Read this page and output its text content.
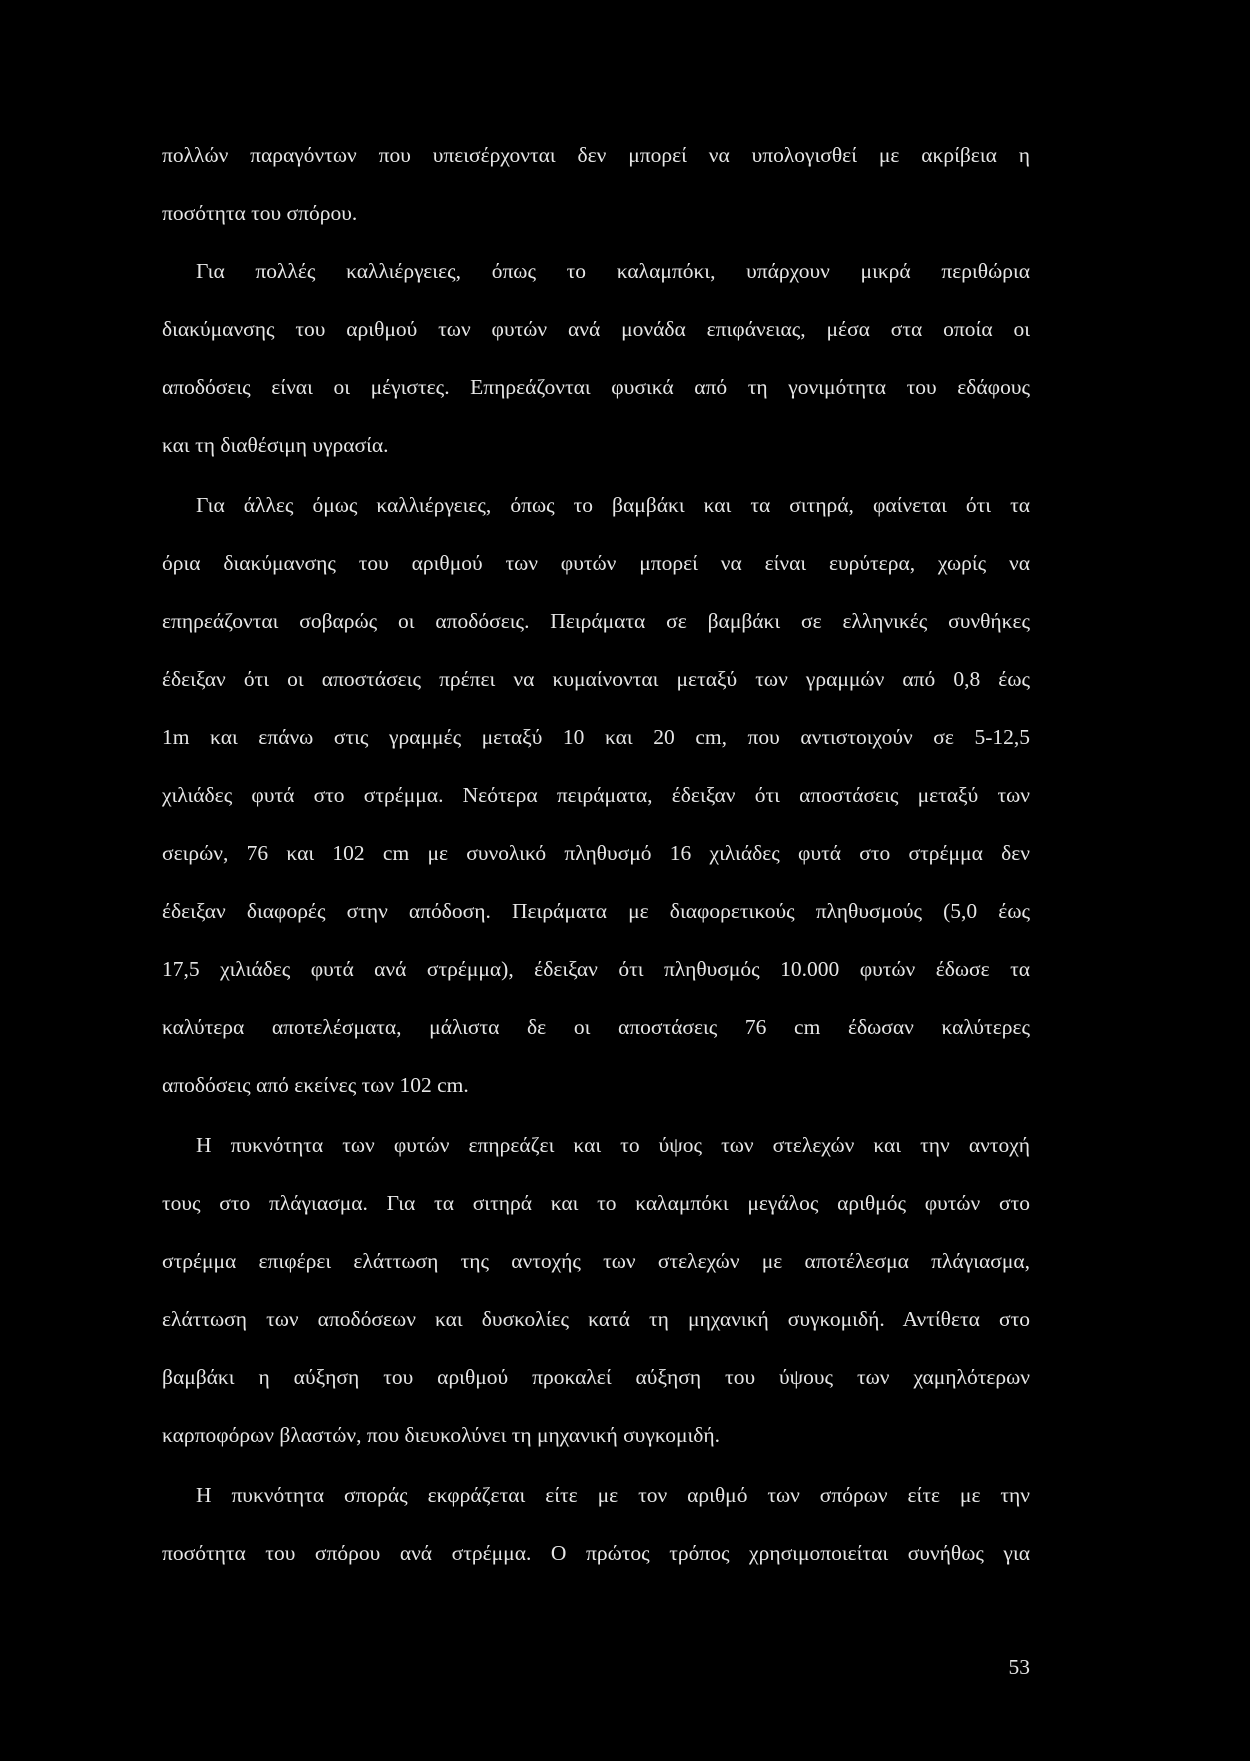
πολλών παραγόντων που υπεισέρχονται δεν μπορεί να υπολογισθεί με ακρίβεια η
ποσότητα του σπόρου.
Για πολλές καλλιέργειες, όπως το καλαμπόκι, υπάρχουν μικρά περιθώρια
διακύμανσης του αριθμού των φυτών ανά μονάδα επιφάνειας, μέσα στα οποία οι
αποδόσεις είναι οι μέγιστες. Επηρεάζονται φυσικά από τη γονιμότητα του εδάφους
και τη διαθέσιμη υγρασία.
Για άλλες όμως καλλιέργειες, όπως το βαμβάκι και τα σιτηρά, φαίνεται ότι τα
όρια διακύμανσης του αριθμού των φυτών μπορεί να είναι ευρύτερα, χωρίς να
επηρεάζονται σοβαρώς οι αποδόσεις. Πειράματα σε βαμβάκι σε ελληνικές συνθήκες
έδειξαν ότι οι αποστάσεις πρέπει να κυμαίνονται μεταξύ των γραμμών από 0,8 έως
1m και επάνω στις γραμμές μεταξύ 10 και 20 cm, που αντιστοιχούν σε 5-12,5
χιλιάδες φυτά στο στρέμμα. Νεότερα πειράματα, έδειξαν ότι αποστάσεις μεταξύ των
σειρών, 76 και 102 cm με συνολικό πληθυσμό 16 χιλιάδες φυτά στο στρέμμα δεν
έδειξαν διαφορές στην απόδοση. Πειράματα με διαφορετικούς πληθυσμούς (5,0 έως
17,5 χιλιάδες φυτά ανά στρέμμα), έδειξαν ότι πληθυσμός 10.000 φυτών έδωσε τα
καλύτερα αποτελέσματα, μάλιστα δε οι αποστάσεις 76 cm έδωσαν καλύτερες
αποδόσεις από εκείνες των 102 cm.
Η πυκνότητα των φυτών επηρεάζει και το ύψος των στελεχών και την αντοχή
τους στο πλάγιασμα. Για τα σιτηρά και το καλαμπόκι μεγάλος αριθμός φυτών στο
στρέμμα επιφέρει ελάττωση της αντοχής των στελεχών με αποτέλεσμα πλάγιασμα,
ελάττωση των αποδόσεων και δυσκολίες κατά τη μηχανική συγκομιδή. Αντίθετα στο
βαμβάκι η αύξηση του αριθμού προκαλεί αύξηση του ύψους των χαμηλότερων
καρποφόρων βλαστών, που διευκολύνει τη μηχανική συγκομιδή.
Η πυκνότητα σποράς εκφράζεται είτε με τον αριθμό των σπόρων είτε με την
ποσότητα του σπόρου ανά στρέμμα. Ο πρώτος τρόπος χρησιμοποιείται συνήθως για
53
